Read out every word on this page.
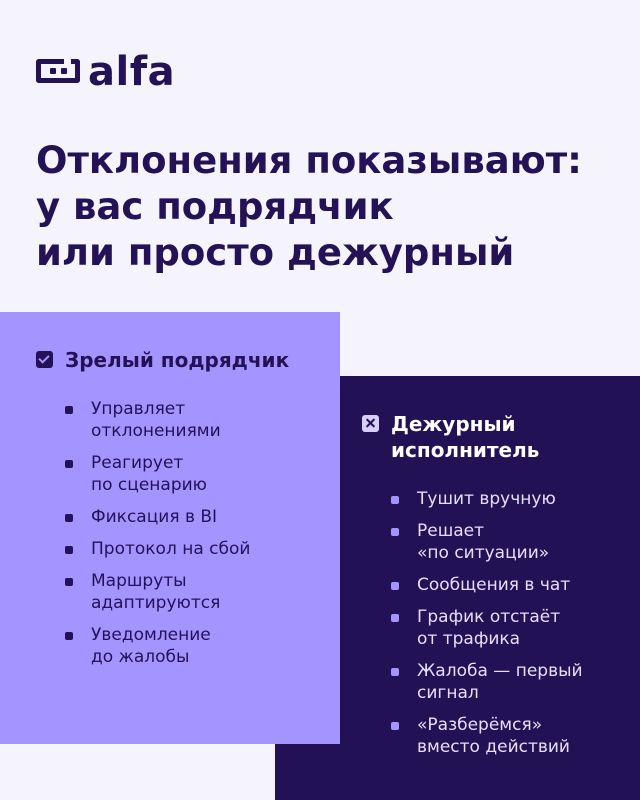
alfa
Отклонения показывают:
у вас подрядчик
или просто дежурный
Зрелый подрядчик
Управляет
отклонениями
Реагирует
по сценарию
Фиксация в BI
Протокол на сбой
Маршруты
адаптируются
Уведомление
до жалобы
Дежурный
исполнитель
Тушит вручную
Решает
«по ситуации»
Сообщения в чат
График отстаёт
от трафика
Жалоба — первый
сигнал
«Разберёмся»
вместо действий
